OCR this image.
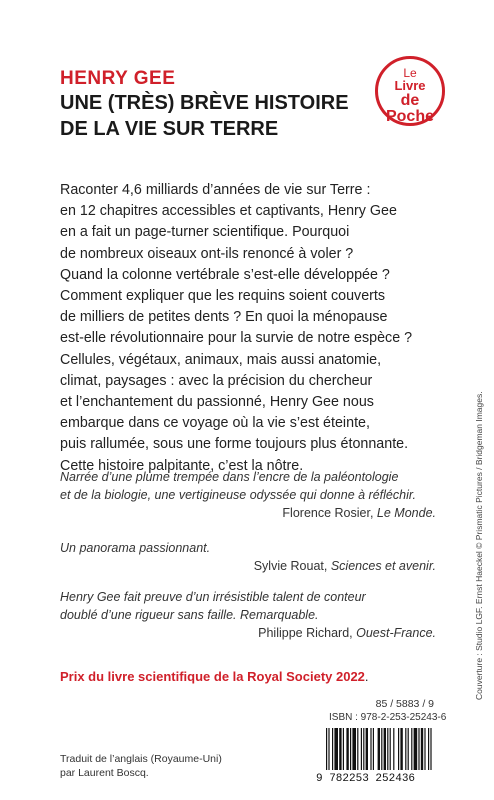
HENRY GEE
UNE (TRÈS) BRÈVE HISTOIRE
DE LA VIE SUR TERRE
Le
Livre
de Poche
Raconter 4,6 milliards d’années de vie sur Terre :
en 12 chapitres accessibles et captivants, Henry Gee
en a fait un page-turner scientifique. Pourquoi
de nombreux oiseaux ont-ils renoncé à voler ?
Quand la colonne vertébrale s’est-elle développée ?
Comment expliquer que les requins soient couverts
de milliers de petites dents ? En quoi la ménopause
est-elle révolutionnaire pour la survie de notre espèce ?
Cellules, végétaux, animaux, mais aussi anatomie,
climat, paysages : avec la précision du chercheur
et l’enchantement du passionné, Henry Gee nous
embarque dans ce voyage où la vie s’est éteinte,
puis rallumée, sous une forme toujours plus étonnante.
Cette histoire palpitante, c’est la nôtre.
Narrée d’une plume trempée dans l’encre de la paléontologie
et de la biologie, une vertigineuse odyssée qui donne à réfléchir.
Florence Rosier, Le Monde.
Un panorama passionnant.
Sylvie Rouat, Sciences et avenir.
Henry Gee fait preuve d’un irrésistible talent de conteur
doublé d’une rigueur sans faille. Remarquable.
Philippe Richard, Ouest-France.
Prix du livre scientifique de la Royal Society 2022.
85 / 5883 / 9
ISBN : 978-2-253-25243-6
9 782253 252436
Traduit de l’anglais (Royaume-Uni)
par Laurent Boscq.
Couverture : Studio LGF. Ernst Haeckel © Prismatic Pictures / Bridgeman Images.
